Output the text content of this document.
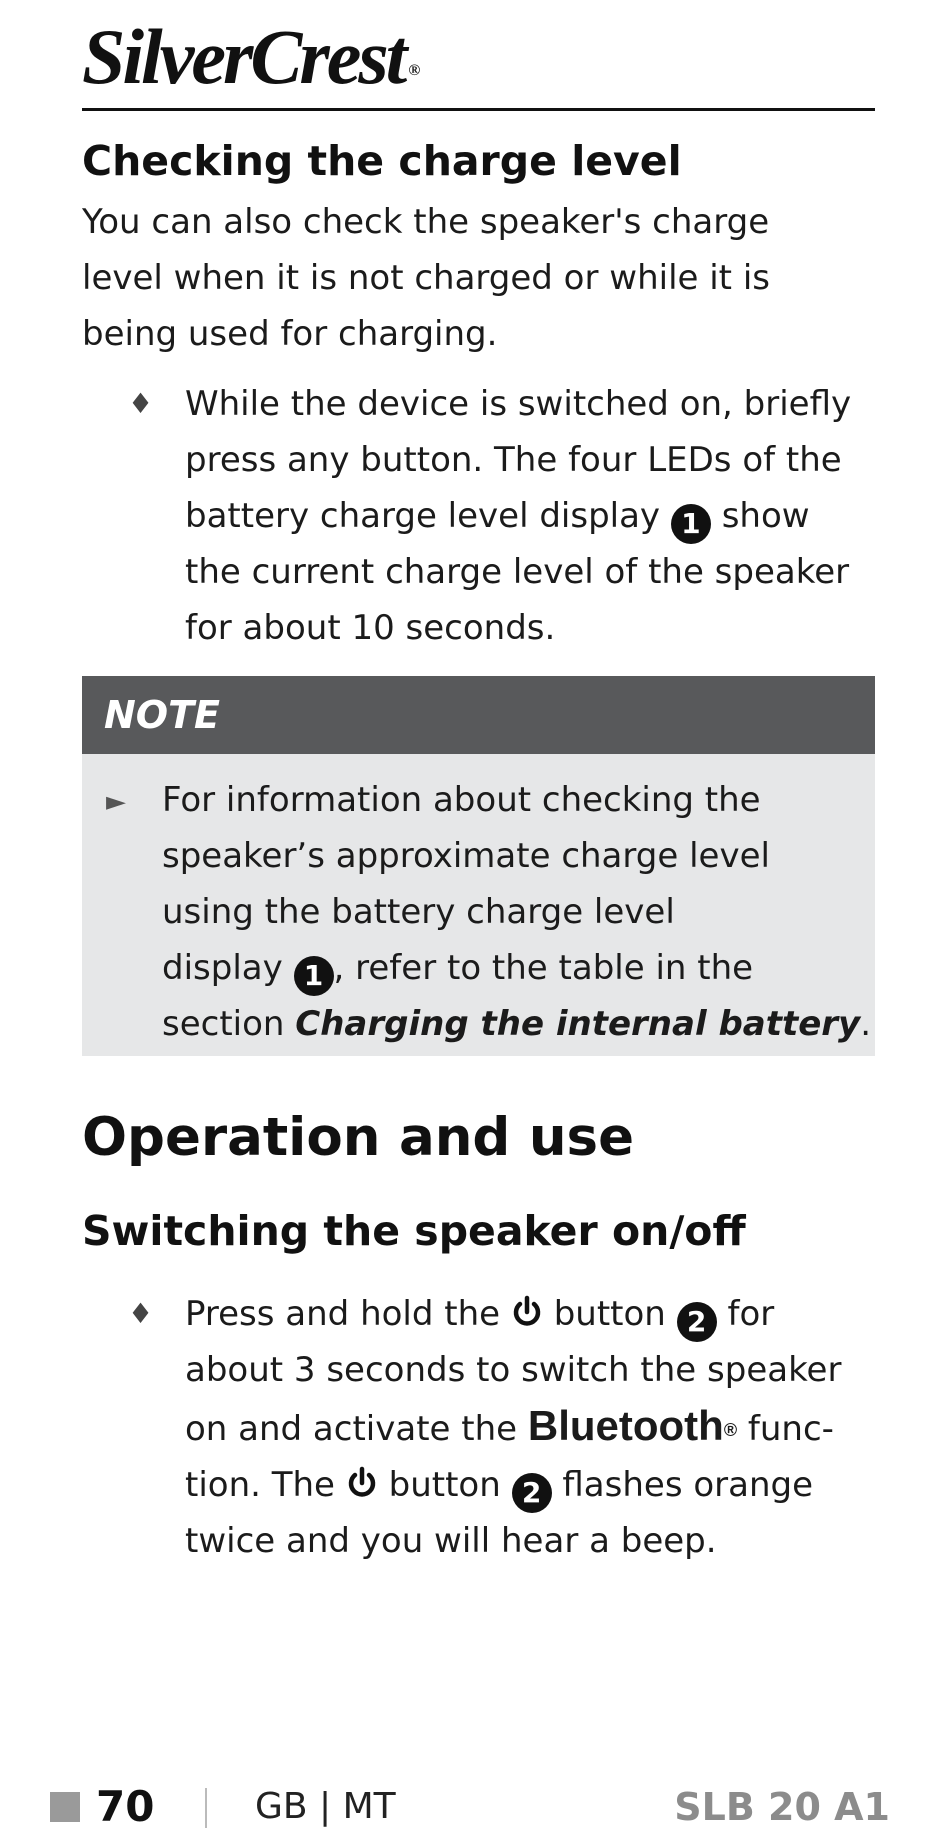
SilverCrest ®
Checking the charge level
You can also check the speaker's charge
level when it is not charged or while it is
being used for charging.
♦ While the device is switched on, briefly
press any button. The four LEDs of the
battery charge level display 1 show
the current charge level of the speaker
for about 10 seconds.
NOTE
► For information about checking the
speaker’s approximate charge level
using the battery charge level
display 1 , refer to the table in the
section Charging the internal battery.
Operation and use
Switching the speaker on/off
♦ Press and hold the button 2 for
about 3 seconds to switch the speaker
on and activate the Bluetooth® func-
tion. The button 2 flashes orange
twice and you will hear a beep.
70	GB | MT	SLB 20 A1
